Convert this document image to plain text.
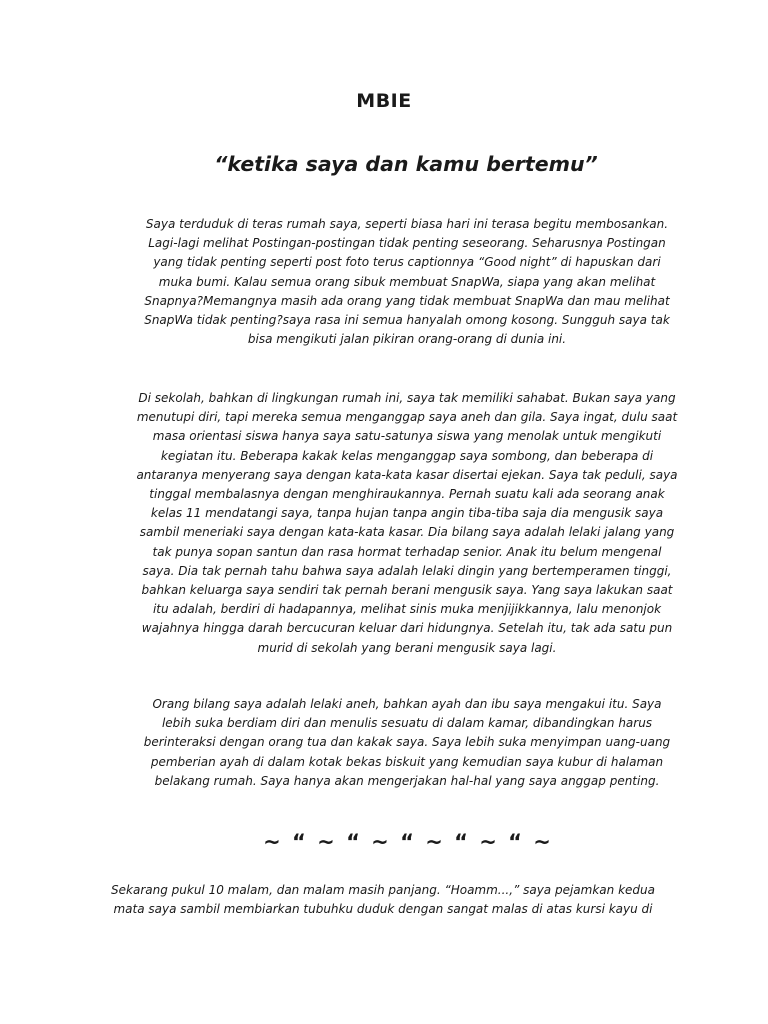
MBIE
“ketika saya dan kamu bertemu”

Saya terduduk di teras rumah saya, seperti biasa hari ini terasa begitu membosankan. Lagi-lagi melihat Postingan-postingan tidak penting seseorang. Seharusnya Postingan yang tidak penting seperti post foto terus captionnya “Good night” di hapuskan dari muka bumi. Kalau semua orang sibuk membuat SnapWa, siapa yang akan melihat Snapnya?Memangnya masih ada orang yang tidak membuat SnapWa dan mau melihat SnapWa tidak penting?saya rasa ini semua hanyalah omong kosong. Sungguh saya tak bisa mengikuti jalan pikiran orang-orang di dunia ini.

Di sekolah, bahkan di lingkungan rumah ini, saya tak memiliki sahabat. Bukan saya yang menutupi diri, tapi mereka semua menganggap saya aneh dan gila. Saya ingat, dulu saat masa orientasi siswa hanya saya satu-satunya siswa yang menolak untuk mengikuti kegiatan itu. Beberapa kakak kelas menganggap saya sombong, dan beberapa di antaranya menyerang saya dengan kata-kata kasar disertai ejekan. Saya tak peduli, saya tinggal membalasnya dengan menghiraukannya. Pernah suatu kali ada seorang anak kelas 11 mendatangi saya, tanpa hujan tanpa angin tiba-tiba saja dia mengusik saya sambil meneriaki saya dengan kata-kata kasar. Dia bilang saya adalah lelaki jalang yang tak punya sopan santun dan rasa hormat terhadap senior. Anak itu belum mengenal saya. Dia tak pernah tahu bahwa saya adalah lelaki dingin yang bertemperamen tinggi, bahkan keluarga saya sendiri tak pernah berani mengusik saya. Yang saya lakukan saat itu adalah, berdiri di hadapannya, melihat sinis muka menjijikkannya, lalu menonjok wajahnya hingga darah bercucuran keluar dari hidungnya. Setelah itu, tak ada satu pun murid di sekolah yang berani mengusik saya lagi.

Orang bilang saya adalah lelaki aneh, bahkan ayah dan ibu saya mengakui itu. Saya lebih suka berdiam diri dan menulis sesuatu di dalam kamar, dibandingkan harus berinteraksi dengan orang tua dan kakak saya. Saya lebih suka menyimpan uang-uang pemberian ayah di dalam kotak bekas biskuit yang kemudian saya kubur di halaman belakang rumah. Saya hanya akan mengerjakan hal-hal yang saya anggap penting.

~ “ ~ “ ~ “ ~ “ ~ “ ~

Sekarang pukul 10 malam, dan malam masih panjang. “Hoamm...,” saya pejamkan kedua mata saya sambil membiarkan tubuhku duduk dengan sangat malas di atas kursi kayu di
